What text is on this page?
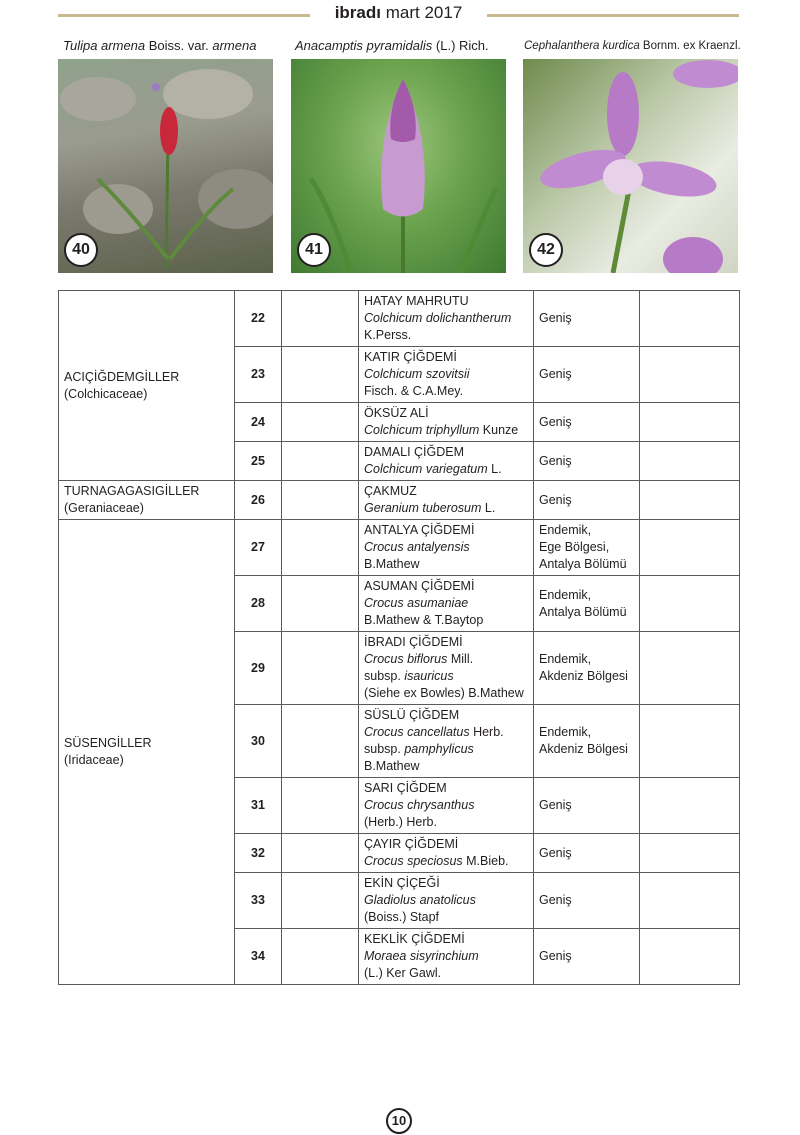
ibradı mart 2017
Tulipa armena Boiss. var. armena	Anacamptis pyramidalis (L.) Rich.	Cephalanthera kurdica Bornm. ex Kraenzl.
40	41	42
ACIÇİĞDEMGİLLER
(Colchicaceae)	22		HATAY MAHRUTU
Colchicum dolichantherum
K.Perss.	Geniş	
	23		KATIR ÇİĞDEMİ
Colchicum szovitsii
Fisch. & C.A.Mey.	Geniş	
	24		ÖKSÜZ ALİ
Colchicum triphyllum Kunze	Geniş	
	25		DAMALI ÇİĞDEM
Colchicum variegatum L.	Geniş	
TURNAGAGASIGİLLER
(Geraniaceae)	26		ÇAKMUZ
Geranium tuberosum L.	Geniş	
SÜSENGİLLER
(Iridaceae)	27		ANTALYA ÇİĞDEMİ
Crocus antalyensis
B.Mathew	Endemik,
Ege Bölgesi,
Antalya Bölümü	
	28		ASUMAN ÇİĞDEMİ
Crocus asumaniae
B.Mathew & T.Baytop	Endemik,
Antalya Bölümü	
	29		İBRADI ÇİĞDEMİ
Crocus biflorus Mill.
subsp. isauricus
(Siehe ex Bowles) B.Mathew	Endemik,
Akdeniz Bölgesi	
	30		SÜSLÜ ÇİĞDEM
Crocus cancellatus Herb.
subsp. pamphylicus
B.Mathew	Endemik,
Akdeniz Bölgesi	
	31		SARI ÇİĞDEM
Crocus chrysanthus
(Herb.) Herb.	Geniş	
	32		ÇAYIR ÇİĞDEMİ
Crocus speciosus M.Bieb.	Geniş	
	33		EKİN ÇİÇEĞİ
Gladiolus anatolicus
(Boiss.) Stapf	Geniş	
	34		KEKLİK ÇİĞDEMİ
Moraea sisyrinchium
(L.) Ker Gawl.	Geniş	
10
